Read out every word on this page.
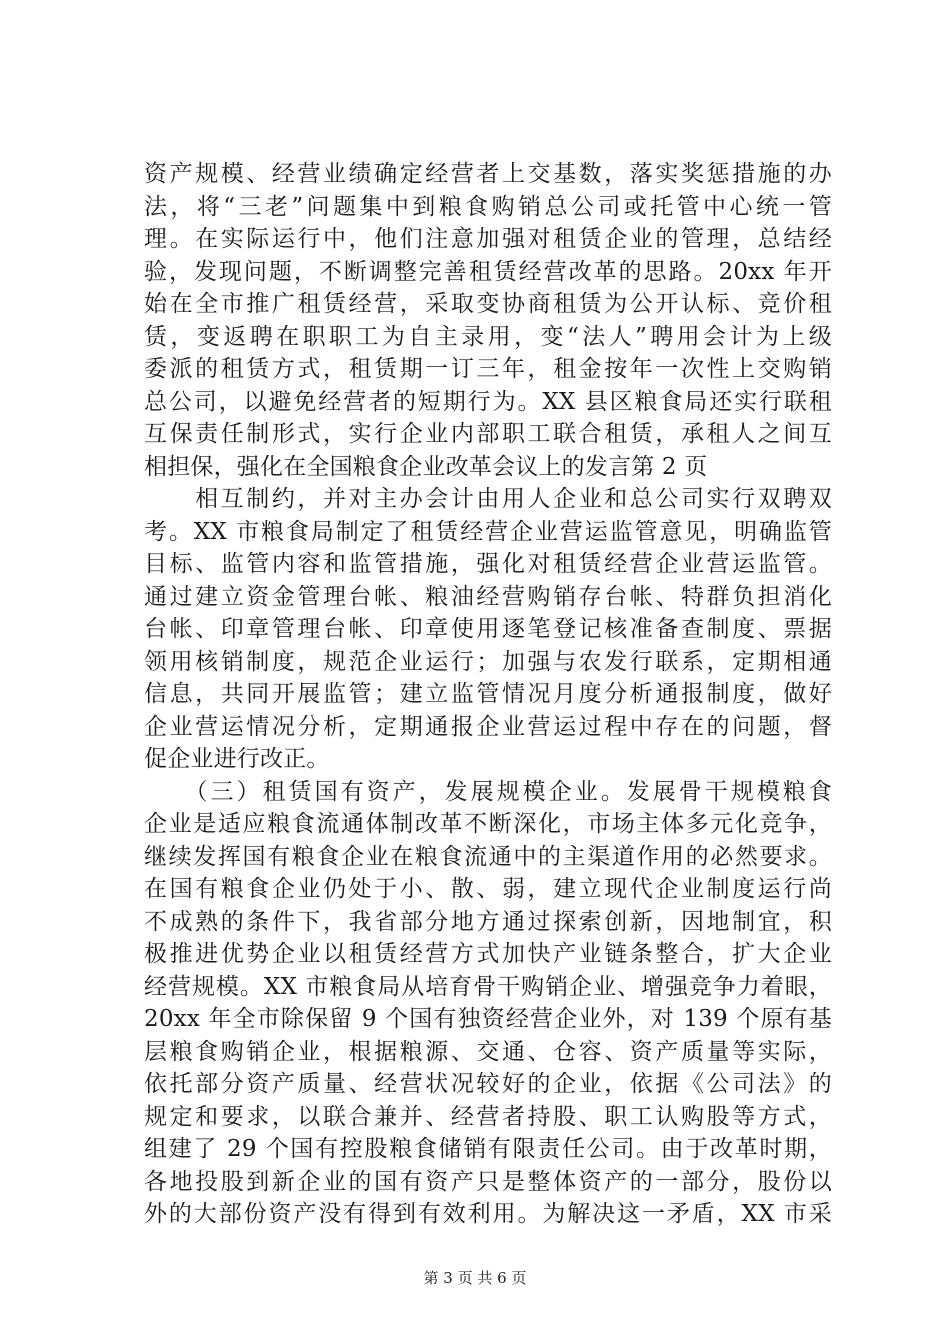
资产规模、经营业绩确定经营者上交基数，落实奖惩措施的办
法，将“三老”问题集中到粮食购销总公司或托管中心统一管
理。在实际运行中，他们注意加强对租赁企业的管理，总结经
验，发现问题，不断调整完善租赁经营改革的思路。20xx 年开
始在全市推广租赁经营，采取变协商租赁为公开认标、竞价租
赁，变返聘在职职工为自主录用，变“法人”聘用会计为上级
委派的租赁方式，租赁期一订三年，租金按年一次性上交购销
总公司，以避免经营者的短期行为。XX 县区粮食局还实行联租
互保责任制形式，实行企业内部职工联合租赁，承租人之间互
相担保，强化在全国粮食企业改革会议上的发言第 2 页
　　相互制约，并对主办会计由用人企业和总公司实行双聘双
考。XX 市粮食局制定了租赁经营企业营运监管意见，明确监管
目标、监管内容和监管措施，强化对租赁经营企业营运监管。
通过建立资金管理台帐、粮油经营购销存台帐、特群负担消化
台帐、印章管理台帐、印章使用逐笔登记核准备查制度、票据
领用核销制度，规范企业运行；加强与农发行联系，定期相通
信息，共同开展监管；建立监管情况月度分析通报制度，做好
企业营运情况分析，定期通报企业营运过程中存在的问题，督
促企业进行改正。
　　（三）租赁国有资产，发展规模企业。发展骨干规模粮食
企业是适应粮食流通体制改革不断深化，市场主体多元化竞争，
继续发挥国有粮食企业在粮食流通中的主渠道作用的必然要求。
在国有粮食企业仍处于小、散、弱，建立现代企业制度运行尚
不成熟的条件下，我省部分地方通过探索创新，因地制宜，积
极推进优势企业以租赁经营方式加快产业链条整合，扩大企业
经营规模。XX 市粮食局从培育骨干购销企业、增强竞争力着眼，
20xx 年全市除保留 9 个国有独资经营企业外，对 139 个原有基
层粮食购销企业，根据粮源、交通、仓容、资产质量等实际，
依托部分资产质量、经营状况较好的企业，依据《公司法》的
规定和要求，以联合兼并、经营者持股、职工认购股等方式，
组建了 29 个国有控股粮食储销有限责任公司。由于改革时期，
各地投股到新企业的国有资产只是整体资产的一部分，股份以
外的大部份资产没有得到有效利用。为解决这一矛盾，XX 市采
第 3 页 共 6 页
